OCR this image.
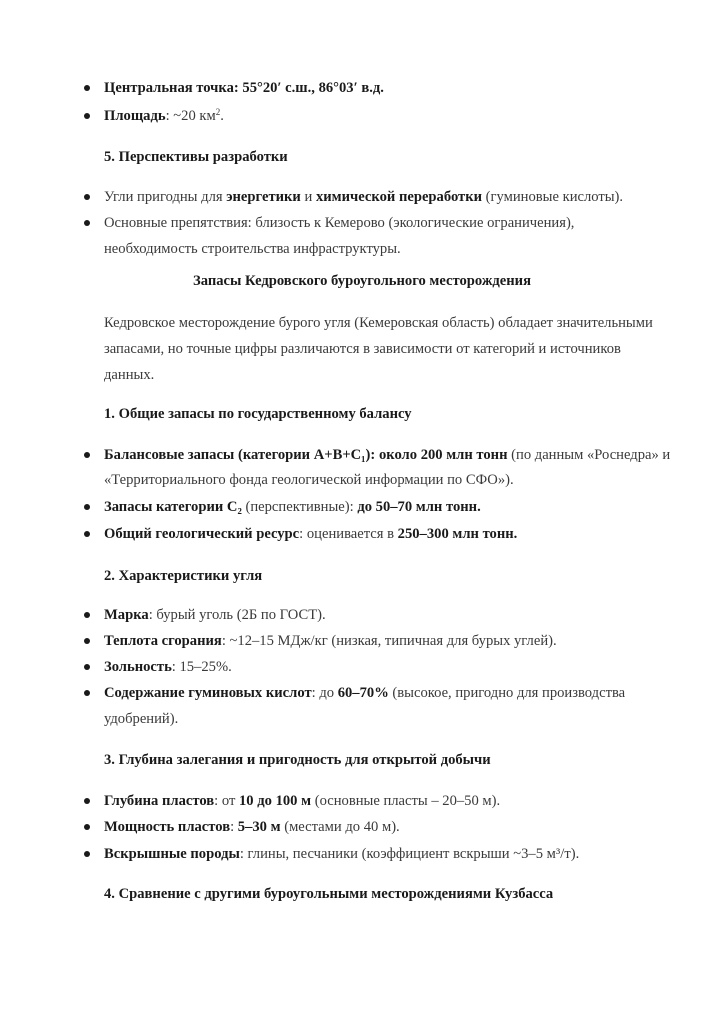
Центральная точка: 55°20′ с.ш., 86°03′ в.д.
Площадь: ~20 $км^2$.
5. Перспективы разработки
Угли пригодны для энергетики и химической переработки (гуминовые кислоты).
Основные препятствия: близость к Кемерово (экологические ограничения),
необходимость строительства инфраструктуры.
Запасы Кедровского буроугольного месторождения
Кедровское месторождение бурого угля (Кемеровская область) обладает значительными
запасами, но точные цифры различаются в зависимости от категорий и источников
данных.
1. Общие запасы по государственному балансу
Балансовые запасы (категории A+B+C₁): около 200 млн тонн (по данным «Роснедра» и
«Территориального фонда геологической информации по СФО»).
Запасы категории C₂ (перспективные): до 50–70 млн тонн.
Общий геологический ресурс: оценивается в 250–300 млн тонн.
2. Характеристики угля
Марка: бурый уголь (2Б по ГОСТ).
Теплота сгорания: ~12–15 МДж/кг (низкая, типичная для бурых углей).
Зольность: 15–25%.
Содержание гуминовых кислот: до 60–70% (высокое, пригодно для производства
удобрений).
3. Глубина залегания и пригодность для открытой добычи
Глубина пластов: от 10 до 100 м (основные пласты – 20–50 м).
Мощность пластов: 5–30 м (местами до 40 м).
Вскрышные породы: глины, песчаники (коэффициент вскрыши ~3–5 м³/т).
4. Сравнение с другими буроугольными месторождениями Кузбасса
